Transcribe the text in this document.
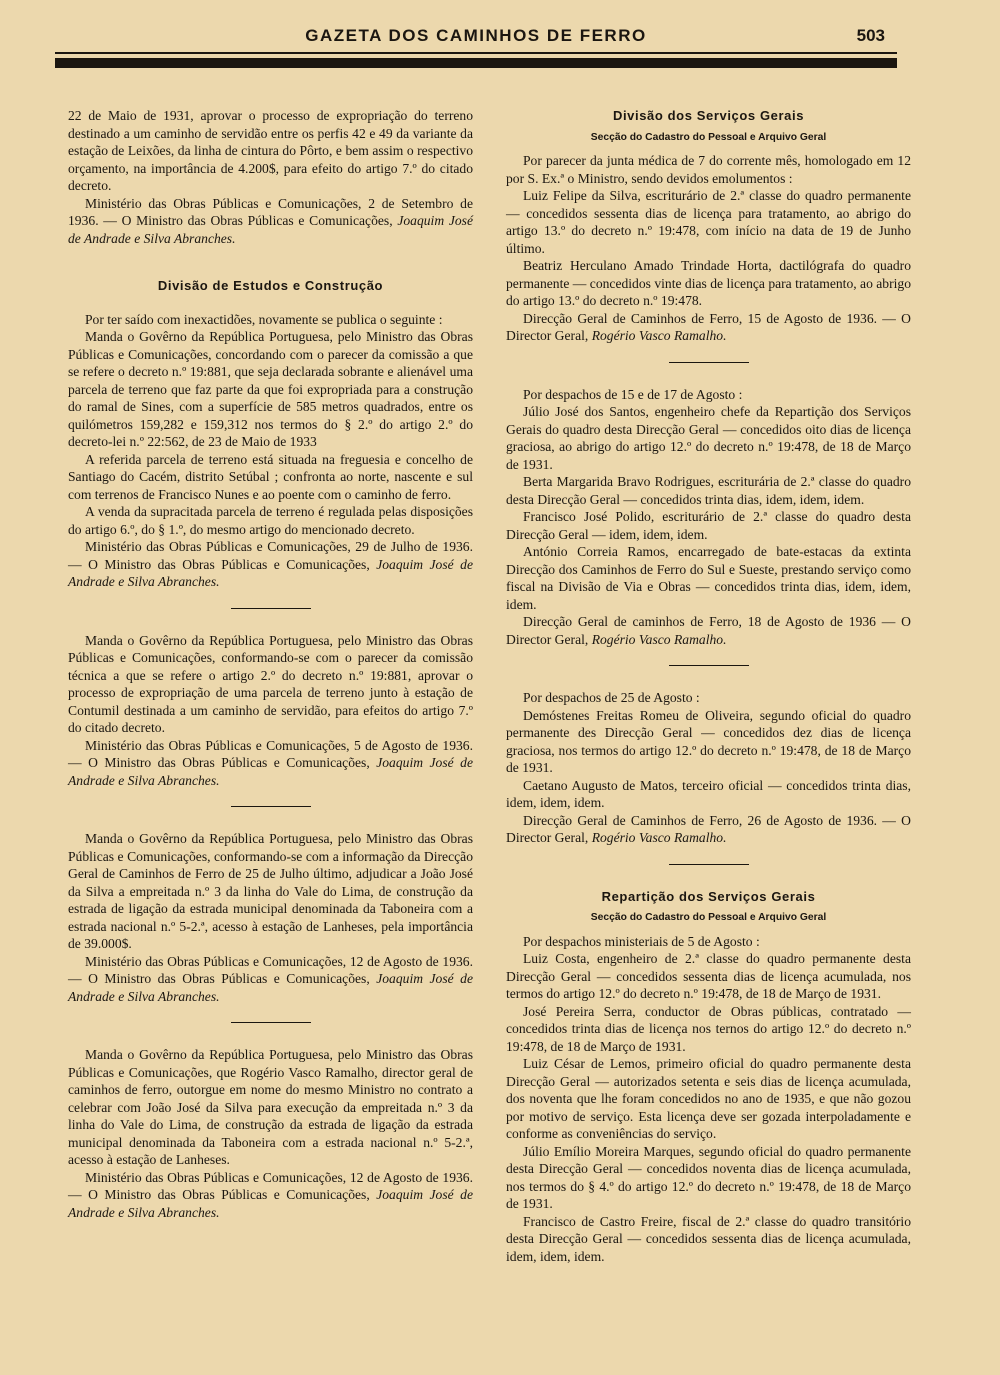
GAZETA DOS CAMINHOS DE FERRO	503

22 de Maio de 1931, aprovar o processo de expropriação do terreno destinado a um caminho de servidão entre os perfis 42 e 49 da variante da estação de Leixões, da linha de cintura do Pôrto, e bem assim o respectivo orçamento, na importância de 4.200$, para efeito do artigo 7.º do citado decreto.

Ministério das Obras Públicas e Comunicações, 2 de Setembro de 1936. — O Ministro das Obras Públicas e Comunicações, Joaquim José de Andrade e Silva Abranches.

Divisão de Estudos e Construção

Por ter saído com inexactidões, novamente se publica o seguinte :

Manda o Govêrno da República Portuguesa, pelo Ministro das Obras Públicas e Comunicações, concordando com o parecer da comissão a que se refere o decreto n.º 19:881, que seja declarada sobrante e alienável uma parcela de terreno que faz parte da que foi expropriada para a construção do ramal de Sines, com a superfície de 585 metros quadrados, entre os quilómetros 159,282 e 159,312 nos termos do § 2.º do artigo 2.º do decreto-lei n.º 22:562, de 23 de Maio de 1933

A referida parcela de terreno está situada na freguesia e concelho de Santiago do Cacém, distrito Setúbal ; confronta ao norte, nascente e sul com terrenos de Francisco Nunes e ao poente com o caminho de ferro.

A venda da supracitada parcela de terreno é regulada pelas disposições do artigo 6.º, do § 1.º, do mesmo artigo do mencionado decreto.

Ministério das Obras Públicas e Comunicações, 29 de Julho de 1936. — O Ministro das Obras Públicas e Comunicações, Joaquim José de Andrade e Silva Abranches.

Manda o Govêrno da República Portuguesa, pelo Ministro das Obras Públicas e Comunicações, conformando-se com o parecer da comissão técnica a que se refere o artigo 2.º do decreto n.º 19:881, aprovar o processo de expropriação de uma parcela de terreno junto à estação de Contumil destinada a um caminho de servidão, para efeitos do artigo 7.º do citado decreto.

Ministério das Obras Públicas e Comunicações, 5 de Agosto de 1936. — O Ministro das Obras Públicas e Comunicações, Joaquim José de Andrade e Silva Abranches.

Manda o Govêrno da República Portuguesa, pelo Ministro das Obras Públicas e Comunicações, conformando-se com a informação da Direcção Geral de Caminhos de Ferro de 25 de Julho último, adjudicar a João José da Silva a empreitada n.º 3 da linha do Vale do Lima, de construção da estrada de ligação da estrada municipal denominada da Taboneira com a estrada nacional n.º 5-2.ª, acesso à estação de Lanheses, pela importância de 39.000$.

Ministério das Obras Públicas e Comunicações, 12 de Agosto de 1936. — O Ministro das Obras Públicas e Comunicações, Joaquim José de Andrade e Silva Abranches.

Manda o Govêrno da República Portuguesa, pelo Ministro das Obras Públicas e Comunicações, que Rogério Vasco Ramalho, director geral de caminhos de ferro, outorgue em nome do mesmo Ministro no contrato a celebrar com João José da Silva para execução da empreitada n.º 3 da linha do Vale do Lima, de construção da estrada de ligação da estrada municipal denominada da Taboneira com a estrada nacional n.º 5-2.ª, acesso à estação de Lanheses.

Ministério das Obras Públicas e Comunicações, 12 de Agosto de 1936. — O Ministro das Obras Públicas e Comunicações, Joaquim José de Andrade e Silva Abranches.

Divisão dos Serviços Gerais
Secção do Cadastro do Pessoal e Arquivo Geral

Por parecer da junta médica de 7 do corrente mês, homologado em 12 por S. Ex.ª o Ministro, sendo devidos emolumentos :

Luiz Felipe da Silva, escriturário de 2.ª classe do quadro permanente — concedidos sessenta dias de licença para tratamento, ao abrigo do artigo 13.º do decreto n.º 19:478, com início na data de 19 de Junho último.

Beatriz Herculano Amado Trindade Horta, dactilógrafa do quadro permanente — concedidos vinte dias de licença para tratamento, ao abrigo do artigo 13.º do decreto n.º 19:478.

Direcção Geral de Caminhos de Ferro, 15 de Agosto de 1936. — O Director Geral, Rogério Vasco Ramalho.

Por despachos de 15 e de 17 de Agosto :

Júlio José dos Santos, engenheiro chefe da Repartição dos Serviços Gerais do quadro desta Direcção Geral — concedidos oito dias de licença graciosa, ao abrigo do artigo 12.º do decreto n.º 19:478, de 18 de Março de 1931.

Berta Margarida Bravo Rodrigues, escriturária de 2.ª classe do quadro desta Direcção Geral — concedidos trinta dias, idem, idem, idem.

Francisco José Polido, escriturário de 2.ª classe do quadro desta Direcção Geral — idem, idem, idem.

António Correia Ramos, encarregado de bate-estacas da extinta Direcção dos Caminhos de Ferro do Sul e Sueste, prestando serviço como fiscal na Divisão de Via e Obras — concedidos trinta dias, idem, idem, idem.

Direcção Geral de caminhos de Ferro, 18 de Agosto de 1936 — O Director Geral, Rogério Vasco Ramalho.

Por despachos de 25 de Agosto :

Demóstenes Freitas Romeu de Oliveira, segundo oficial do quadro permanente des Direcção Geral — concedidos dez dias de licença graciosa, nos termos do artigo 12.º do decreto n.º 19:478, de 18 de Março de 1931.

Caetano Augusto de Matos, terceiro oficial — concedidos trinta dias, idem, idem, idem.

Direcção Geral de Caminhos de Ferro, 26 de Agosto de 1936. — O Director Geral, Rogério Vasco Ramalho.

Repartição dos Serviços Gerais
Secção do Cadastro do Pessoal e Arquivo Geral

Por despachos ministeriais de 5 de Agosto :

Luiz Costa, engenheiro de 2.ª classe do quadro permanente desta Direcção Geral — concedidos sessenta dias de licença acumulada, nos termos do artigo 12.º do decreto n.º 19:478, de 18 de Março de 1931.

José Pereira Serra, conductor de Obras públicas, contratado — concedidos trinta dias de licença nos ternos do artigo 12.º do decreto n.º 19:478, de 18 de Março de 1931.

Luiz César de Lemos, primeiro oficial do quadro permanente desta Direcção Geral — autorizados setenta e seis dias de licença acumulada, dos noventa que lhe foram concedidos no ano de 1935, e que não gozou por motivo de serviço. Esta licença deve ser gozada interpoladamente e conforme as conveniências do serviço.

Júlio Emílio Moreira Marques, segundo oficial do quadro permanente desta Direcção Geral — concedidos noventa dias de licença acumulada, nos termos do § 4.º do artigo 12.º do decreto n.º 19:478, de 18 de Março de 1931.

Francisco de Castro Freire, fiscal de 2.ª classe do quadro transitório desta Direcção Geral — concedidos sessenta dias de licença acumulada, idem, idem, idem.
